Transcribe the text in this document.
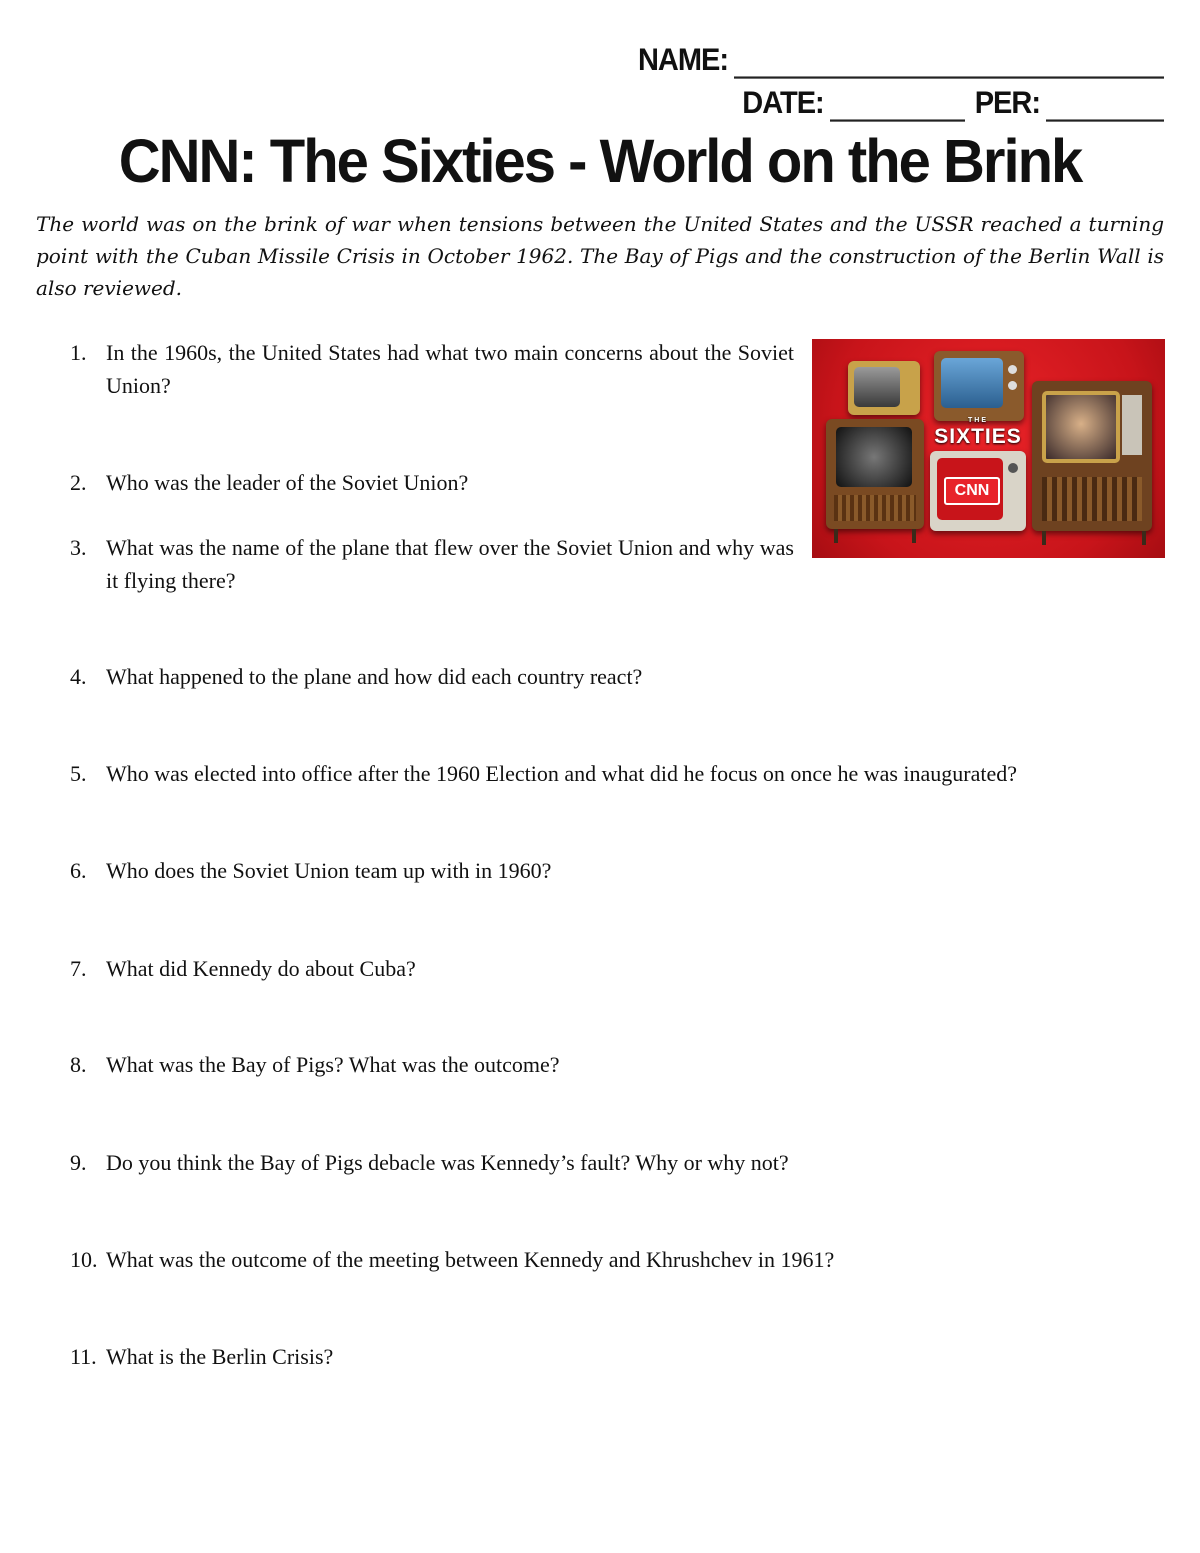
NAME:
DATE:	PER:
CNN: The Sixties - World on the Brink

The world was on the brink of war when tensions between the United States and the USSR reached a turning point with the Cuban Missile Crisis in October 1962. The Bay of Pigs and the construction of the Berlin Wall is also reviewed.

CNN
THE
SIXTIES
1. In the 1960s, the United States had what two main concerns about the Soviet Union?
2. Who was the leader of the Soviet Union?
3. What was the name of the plane that flew over the Soviet Union and why was it flying there?
4. What happened to the plane and how did each country react?
5. Who was elected into office after the 1960 Election and what did he focus on once he was inaugurated?
6. Who does the Soviet Union team up with in 1960?
7. What did Kennedy do about Cuba?
8. What was the Bay of Pigs? What was the outcome?
9. Do you think the Bay of Pigs debacle was Kennedy’s fault? Why or why not?
10. What was the outcome of the meeting between Kennedy and Khrushchev in 1961?
11. What is the Berlin Crisis?
